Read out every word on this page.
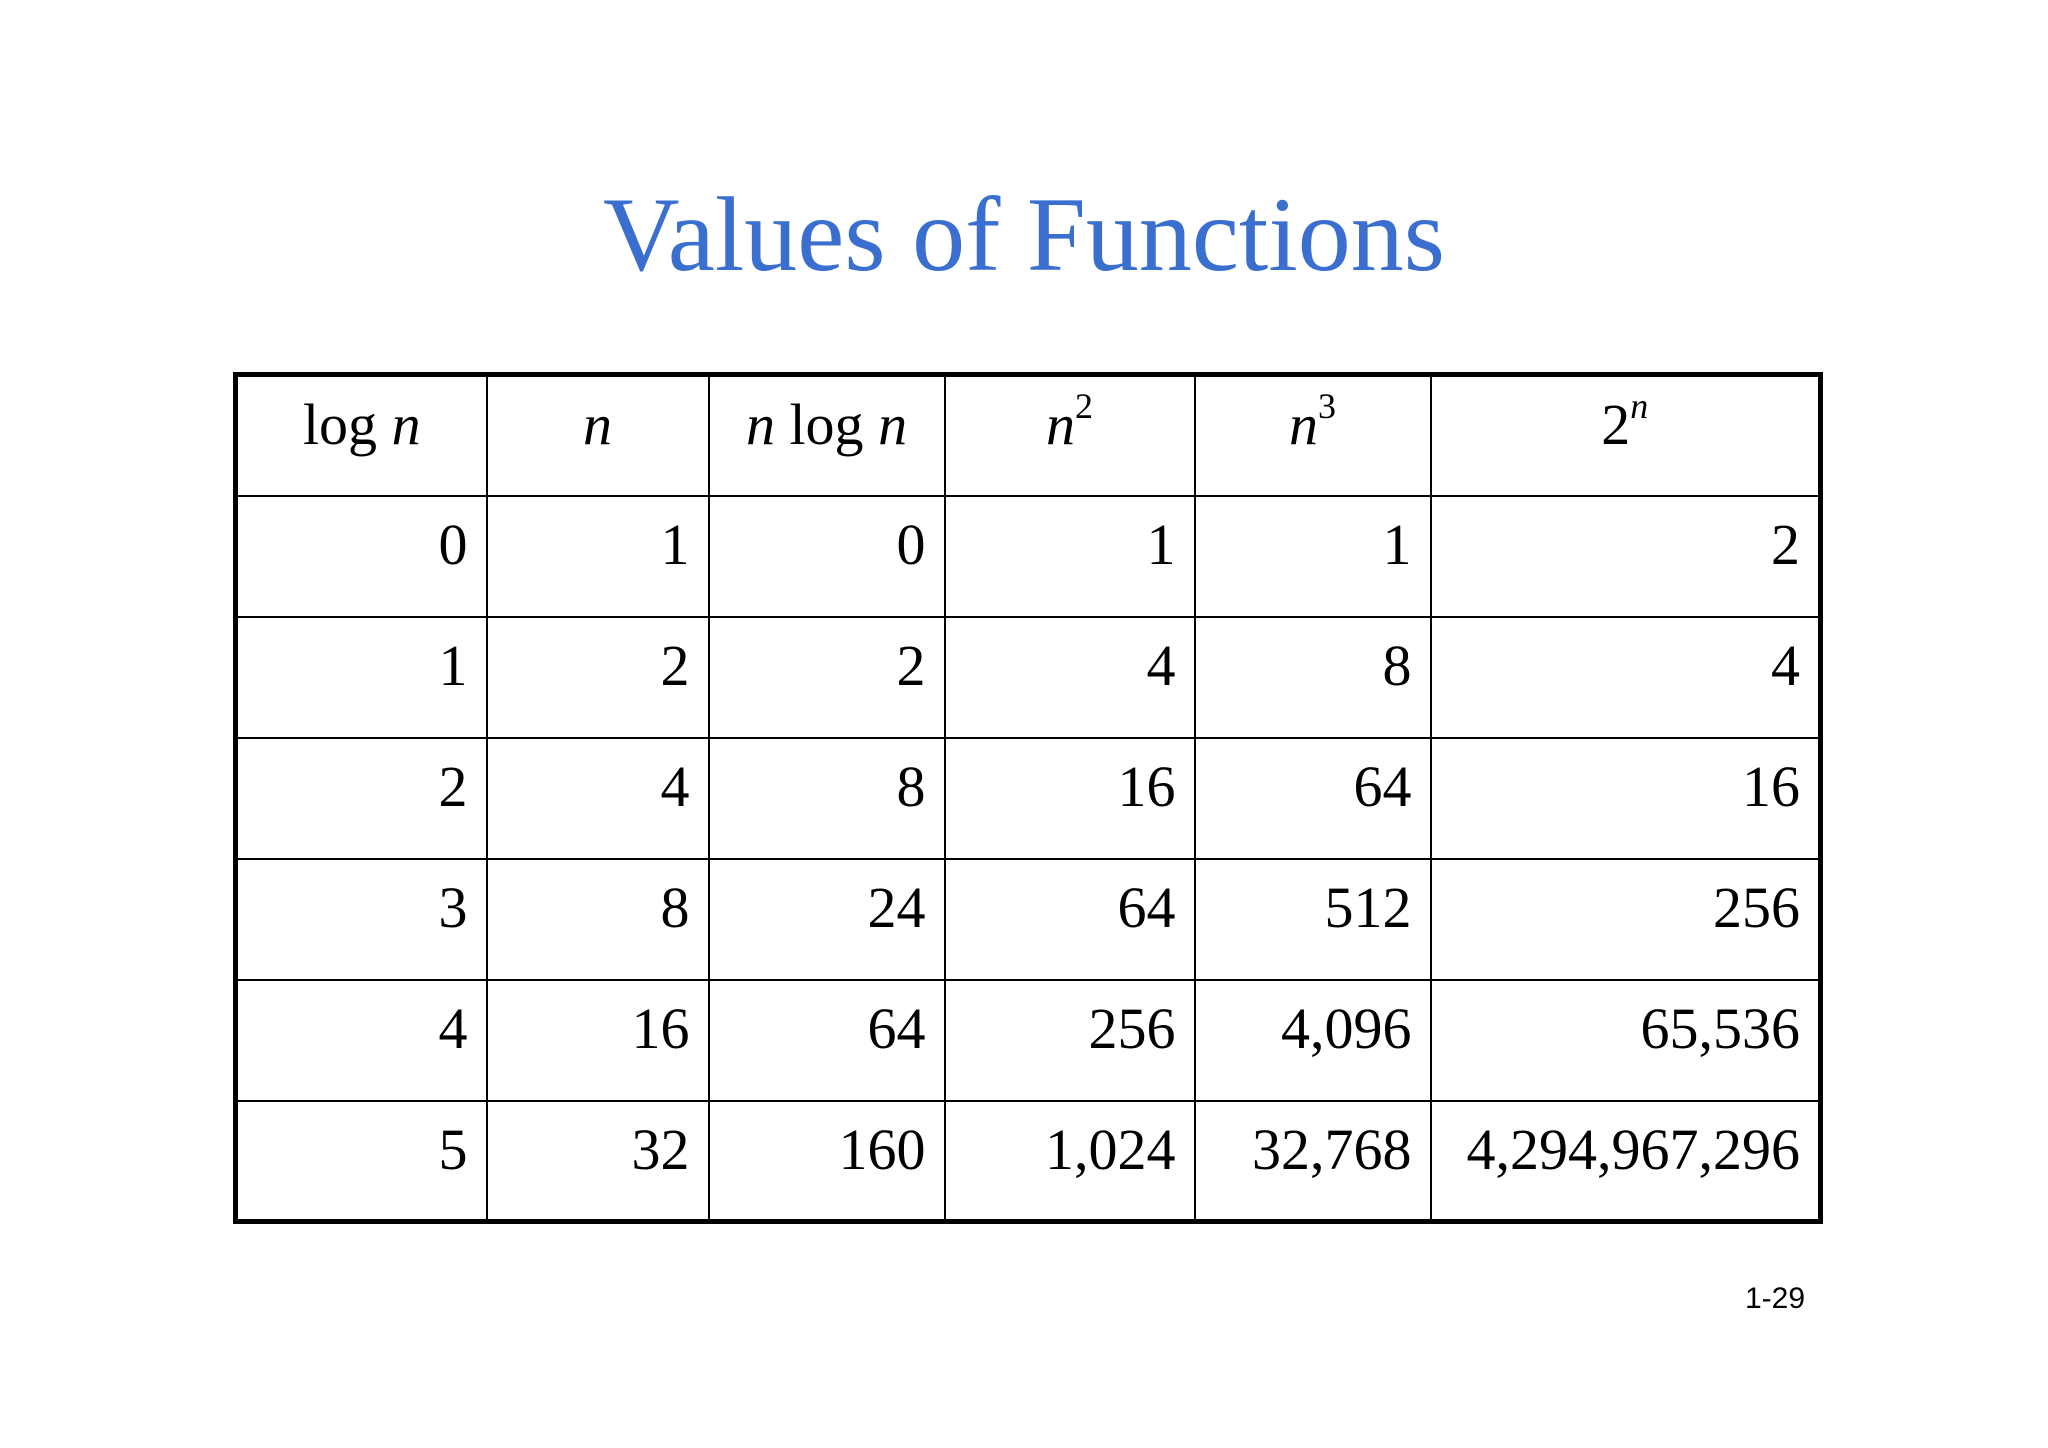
Values of Functions
log n	n	n log n	$n^2$	$n^3$	2$^n$
0	1	0	1	1	2
1	2	2	4	8	4
2	4	8	16	64	16
3	8	24	64	512	256
4	16	64	256	4,096	65,536
5	32	160	1,024	32,768	4,294,967,296
1-29
